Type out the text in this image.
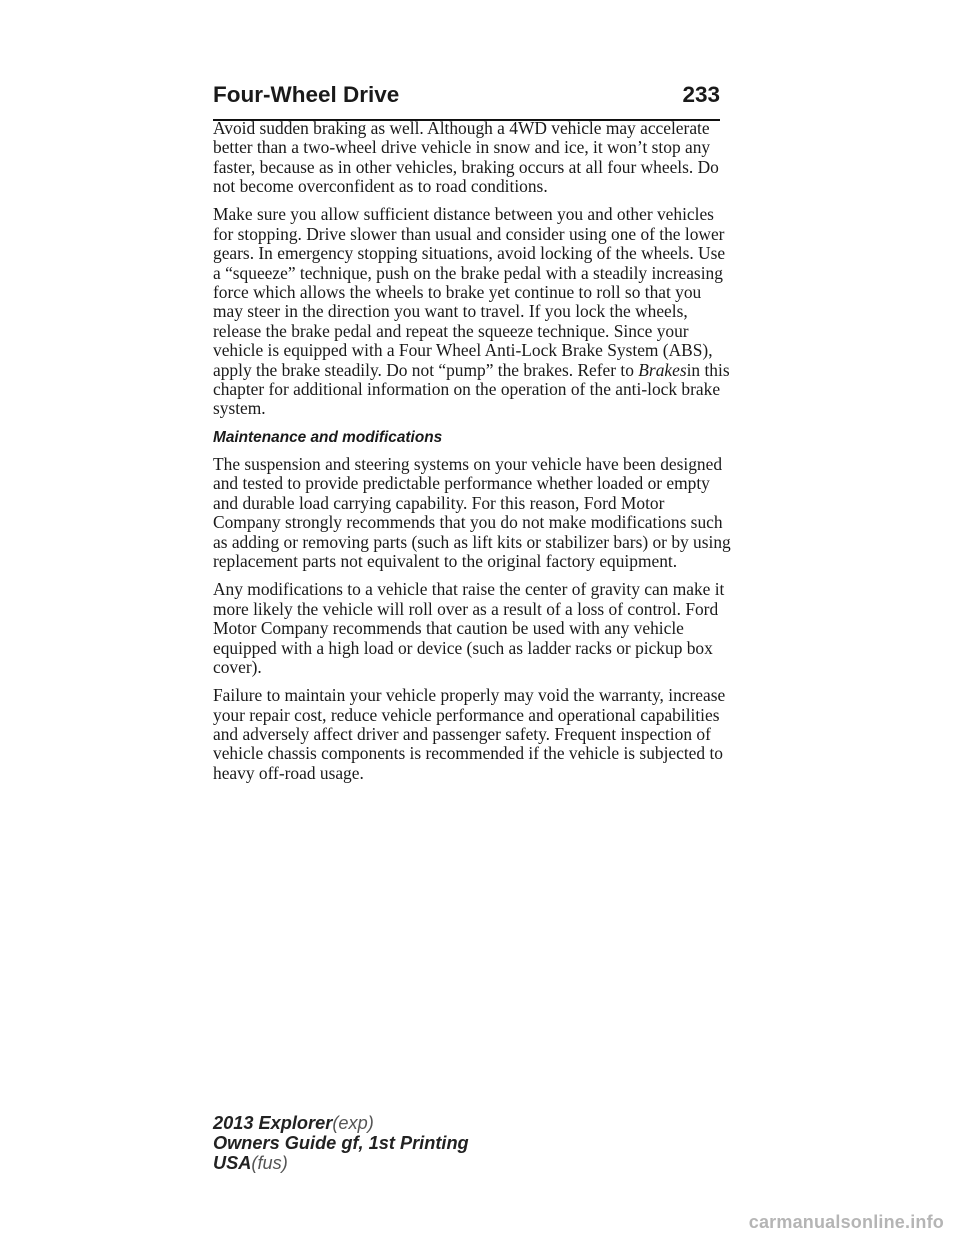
Four-Wheel Drive	233

Avoid sudden braking as well. Although a 4WD vehicle may accelerate better than a two-wheel drive vehicle in snow and ice, it won’t stop any faster, because as in other vehicles, braking occurs at all four wheels. Do not become overconfident as to road conditions.

Make sure you allow sufficient distance between you and other vehicles for stopping. Drive slower than usual and consider using one of the lower gears. In emergency stopping situations, avoid locking of the wheels. Use a “squeeze” technique, push on the brake pedal with a steadily increasing force which allows the wheels to brake yet continue to roll so that you may steer in the direction you want to travel. If you lock the wheels, release the brake pedal and repeat the squeeze technique. Since your vehicle is equipped with a Four Wheel Anti-Lock Brake System (ABS), apply the brake steadily. Do not “pump” the brakes. Refer to Brakesin this chapter for additional information on the operation of the anti-lock brake system.

Maintenance and modifications

The suspension and steering systems on your vehicle have been designed and tested to provide predictable performance whether loaded or empty and durable load carrying capability. For this reason, Ford Motor Company strongly recommends that you do not make modifications such as adding or removing parts (such as lift kits or stabilizer bars) or by using replacement parts not equivalent to the original factory equipment.

Any modifications to a vehicle that raise the center of gravity can make it more likely the vehicle will roll over as a result of a loss of control. Ford Motor Company recommends that caution be used with any vehicle equipped with a high load or device (such as ladder racks or pickup box cover).

Failure to maintain your vehicle properly may void the warranty, increase your repair cost, reduce vehicle performance and operational capabilities and adversely affect driver and passenger safety. Frequent inspection of vehicle chassis components is recommended if the vehicle is subjected to heavy off-road usage.

2013 Explorer(exp)
Owners Guide gf, 1st Printing
USA(fus)
carmanualsonline.info
